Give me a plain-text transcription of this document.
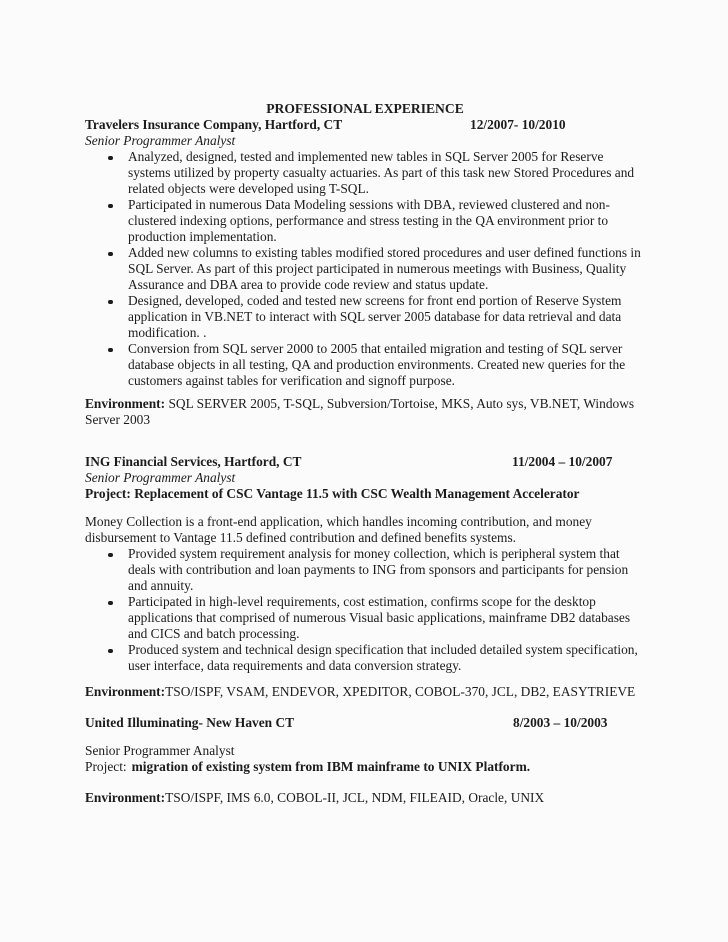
PROFESSIONAL EXPERIENCE
Travelers Insurance Company, Hartford, CT	12/2007- 10/2010
Senior Programmer Analyst
Analyzed, designed, tested and implemented new tables in SQL Server 2005 for Reserve systems utilized by property casualty actuaries. As part of this task new Stored Procedures and related objects were developed using T-SQL.
Participated in numerous Data Modeling sessions with DBA, reviewed clustered and non-clustered indexing options, performance and stress testing in the QA environment prior to production implementation.
Added new columns to existing tables modified stored procedures and user defined functions in SQL Server. As part of this project participated in numerous meetings with Business, Quality Assurance and DBA area to provide code review and status update.
Designed, developed, coded and tested new screens for front end portion of Reserve System application in VB.NET to interact with SQL server 2005 database for data retrieval and data modification. .
Conversion from SQL server 2000 to 2005 that entailed migration and testing of SQL server database objects in all testing, QA and production environments. Created new queries for the customers against tables for verification and signoff purpose.
Environment: SQL SERVER 2005, T-SQL, Subversion/Tortoise, MKS, Auto sys, VB.NET, Windows Server 2003
ING Financial Services, Hartford, CT	11/2004 – 10/2007
Senior Programmer Analyst
Project: Replacement of CSC Vantage 11.5 with CSC Wealth Management Accelerator
Money Collection is a front-end application, which handles incoming contribution, and money disbursement to Vantage 11.5 defined contribution and defined benefits systems.
Provided system requirement analysis for money collection, which is peripheral system that deals with contribution and loan payments to ING from sponsors and participants for pension and annuity.
Participated in high-level requirements, cost estimation, confirms scope for the desktop applications that comprised of numerous Visual basic applications, mainframe DB2 databases and CICS and batch processing.
Produced system and technical design specification that included detailed system specification, user interface, data requirements and data conversion strategy.
Environment:TSO/ISPF, VSAM, ENDEVOR, XPEDITOR, COBOL-370, JCL, DB2, EASYTRIEVE
United Illuminating- New Haven CT	8/2003 – 10/2003
Senior Programmer Analyst
Project: migration of existing system from IBM mainframe to UNIX Platform.
Environment:TSO/ISPF, IMS 6.0, COBOL-II, JCL, NDM, FILEAID, Oracle, UNIX
